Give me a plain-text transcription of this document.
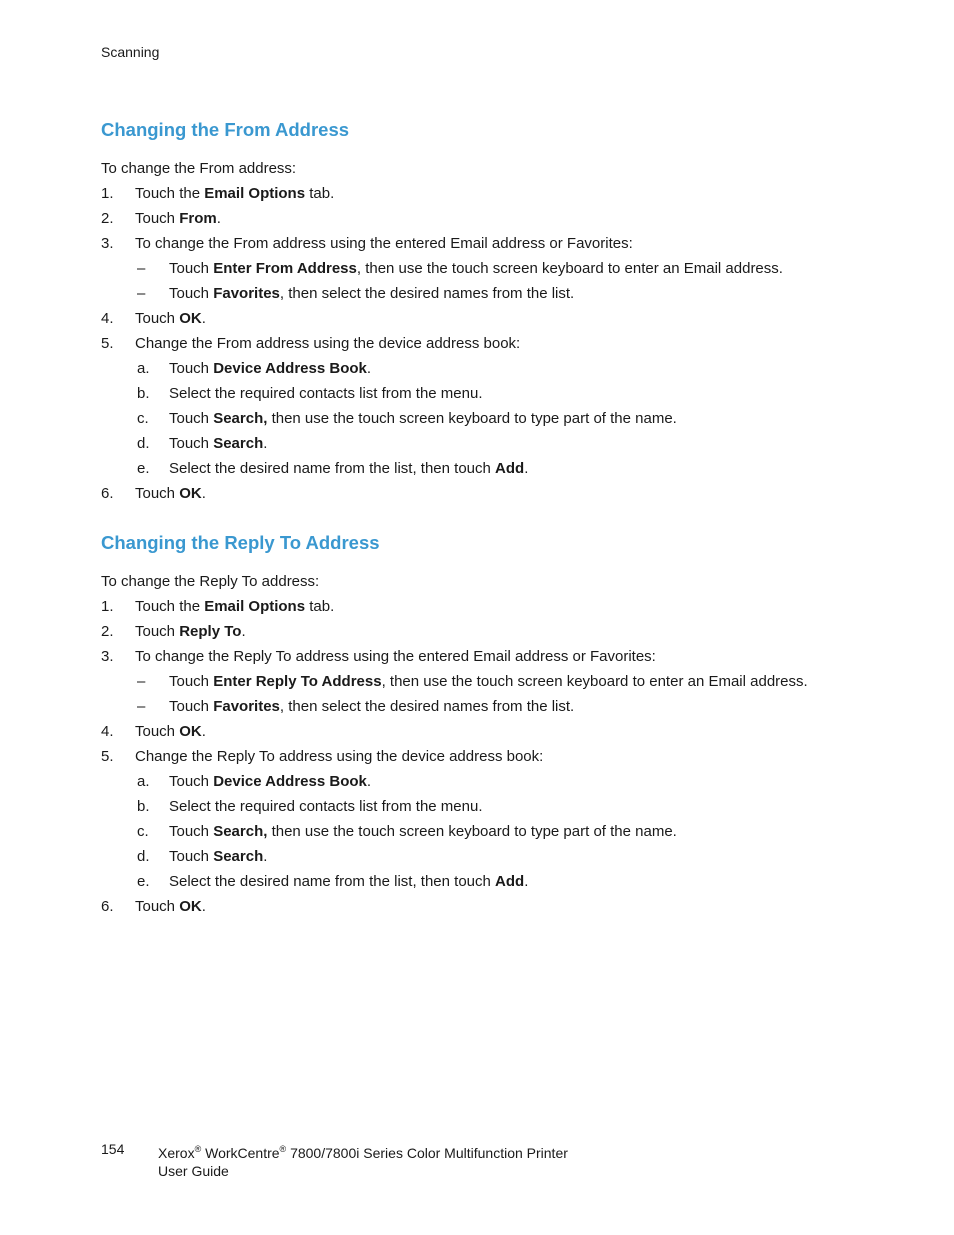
Scanning
Changing the From Address

To change the From address:

1. Touch the Email Options tab.
2. Touch From.
3. To change the From address using the entered Email address or Favorites:
– Touch Enter From Address, then use the touch screen keyboard to enter an Email address.
– Touch Favorites, then select the desired names from the list.
4. Touch OK.
5. Change the From address using the device address book:
a. Touch Device Address Book.
b. Select the required contacts list from the menu.
c. Touch Search, then use the touch screen keyboard to type part of the name.
d. Touch Search.
e. Select the desired name from the list, then touch Add.
6. Touch OK.
Changing the Reply To Address

To change the Reply To address:

1. Touch the Email Options tab.
2. Touch Reply To.
3. To change the Reply To address using the entered Email address or Favorites:
– Touch Enter Reply To Address, then use the touch screen keyboard to enter an Email address.
– Touch Favorites, then select the desired names from the list.
4. Touch OK.
5. Change the Reply To address using the device address book:
a. Touch Device Address Book.
b. Select the required contacts list from the menu.
c. Touch Search, then use the touch screen keyboard to type part of the name.
d. Touch Search.
e. Select the desired name from the list, then touch Add.
6. Touch OK.
154 Xerox® WorkCentre® 7800/7800i Series Color Multifunction Printer
User Guide
